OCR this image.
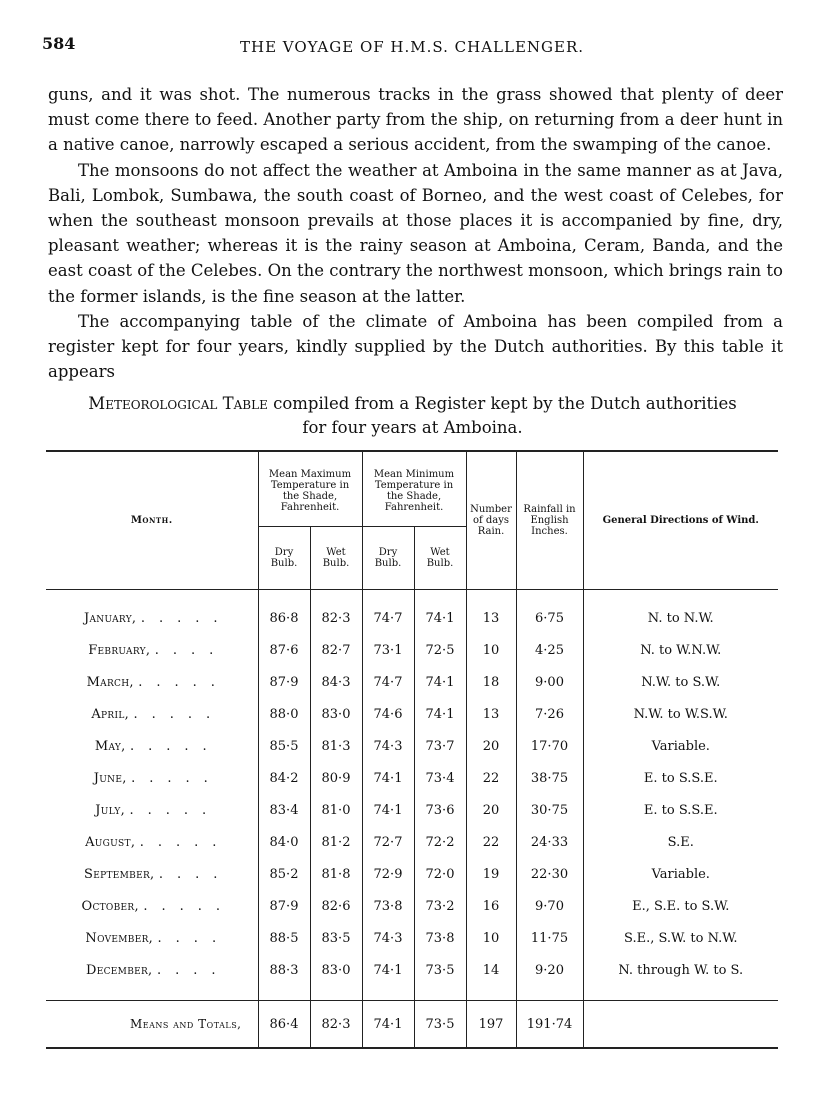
584	THE VOYAGE OF H.M.S. CHALLENGER.

guns, and it was shot. The numerous tracks in the grass showed that plenty of deer must come there to feed. Another party from the ship, on returning from a deer hunt in a native canoe, narrowly escaped a serious accident, from the swamping of the canoe.

The monsoons do not affect the weather at Amboina in the same manner as at Java, Bali, Lombok, Sumbawa, the south coast of Borneo, and the west coast of Celebes, for when the southeast monsoon prevails at those places it is accompanied by fine, dry, pleasant weather; whereas it is the rainy season at Amboina, Ceram, Banda, and the east coast of the Celebes. On the contrary the northwest monsoon, which brings rain to the former islands, is the fine season at the latter.

The accompanying table of the climate of Amboina has been compiled from a register kept for four years, kindly supplied by the Dutch authorities. By this table it appears

Meteorological Table compiled from a Register kept by the Dutch authorities
for four years at Amboina.
Month.	Mean Maximum Temperature in the Shade, Fahrenheit.		Mean Minimum Temperature in the Shade, Fahrenheit.		Number of days Rain.	Rainfall in English Inches.	General Directions of Wind.
	Dry Bulb.	Wet Bulb.	Dry Bulb.	Wet Bulb.			

January, .....	86·8	82·3	74·7	74·1	13	6·75	N. to N.W.
February, ....	87·6	82·7	73·1	72·5	10	4·25	N. to W.N.W.
March, .....	87·9	84·3	74·7	74·1	18	9·00	N.W. to S.W.
April, .....	88·0	83·0	74·6	74·1	13	7·26	N.W. to W.S.W.
May, .....	85·5	81·3	74·3	73·7	20	17·70	Variable.
June, .....	84·2	80·9	74·1	73·4	22	38·75	E. to S.S.E.
July, .....	83·4	81·0	74·1	73·6	20	30·75	E. to S.S.E.
August, .....	84·0	81·2	72·7	72·2	22	24·33	S.E.
September, ....	85·2	81·8	72·9	72·0	19	22·30	Variable.
October, .....	87·9	82·6	73·8	73·2	16	9·70	E., S.E. to S.W.
November, ....	88·5	83·5	74·3	73·8	10	11·75	S.E., S.W. to N.W.
December, ....	88·3	83·0	74·1	73·5	14	9·20	N. through W. to S.

Means and Totals,	86·4	82·3	74·1	73·5	197	191·74	
